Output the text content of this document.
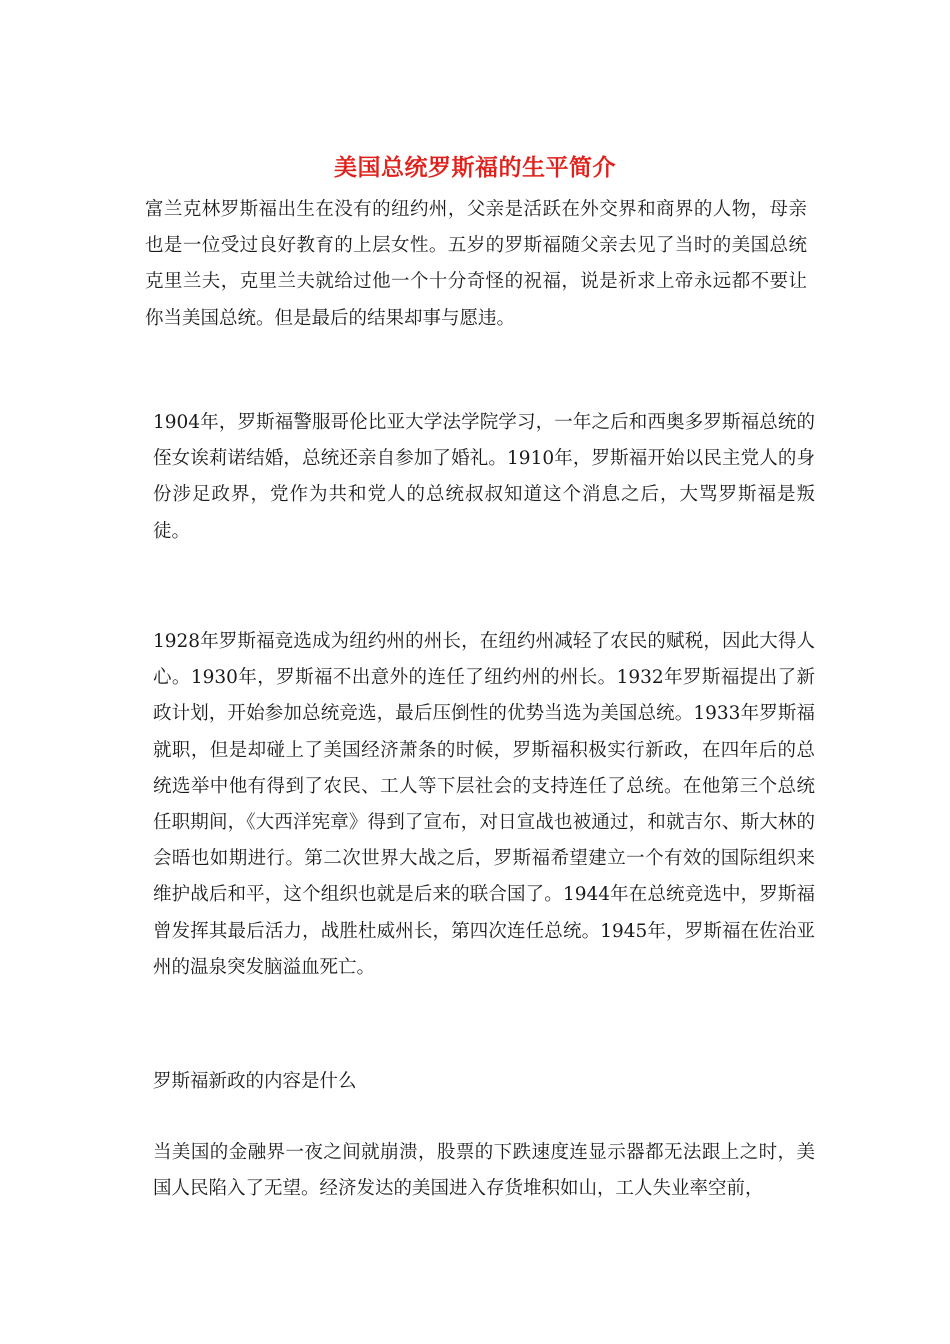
美国总统罗斯福的生平简介
富兰克林罗斯福出生在没有的纽约州，父亲是活跃在外交界和商界的人物，母亲也是一位受过良好教育的上层女性。五岁的罗斯福随父亲去见了当时的美国总统克里兰夫，克里兰夫就给过他一个十分奇怪的祝福，说是祈求上帝永远都不要让你当美国总统。但是最后的结果却事与愿违。
1904年，罗斯福警服哥伦比亚大学法学院学习，一年之后和西奥多罗斯福总统的侄女诶莉诺结婚，总统还亲自参加了婚礼。1910年，罗斯福开始以民主党人的身份涉足政界，党作为共和党人的总统叔叔知道这个消息之后，大骂罗斯福是叛徒。
1928年罗斯福竞选成为纽约州的州长，在纽约州减轻了农民的赋税，因此大得人心。1930年，罗斯福不出意外的连任了纽约州的州长。1932年罗斯福提出了新政计划，开始参加总统竞选，最后压倒性的优势当选为美国总统。1933年罗斯福就职，但是却碰上了美国经济萧条的时候，罗斯福积极实行新政，在四年后的总统选举中他有得到了农民、工人等下层社会的支持连任了总统。在他第三个总统任职期间，《大西洋宪章》得到了宣布，对日宣战也被通过，和就吉尔、斯大林的会晤也如期进行。第二次世界大战之后，罗斯福希望建立一个有效的国际组织来维护战后和平，这个组织也就是后来的联合国了。1944年在总统竞选中，罗斯福曾发挥其最后活力，战胜杜威州长，第四次连任总统。1945年，罗斯福在佐治亚州的温泉突发脑溢血死亡。
罗斯福新政的内容是什么
当美国的金融界一夜之间就崩溃，股票的下跌速度连显示器都无法跟上之时，美国人民陷入了无望。经济发达的美国进入存货堆积如山，工人失业率空前，
